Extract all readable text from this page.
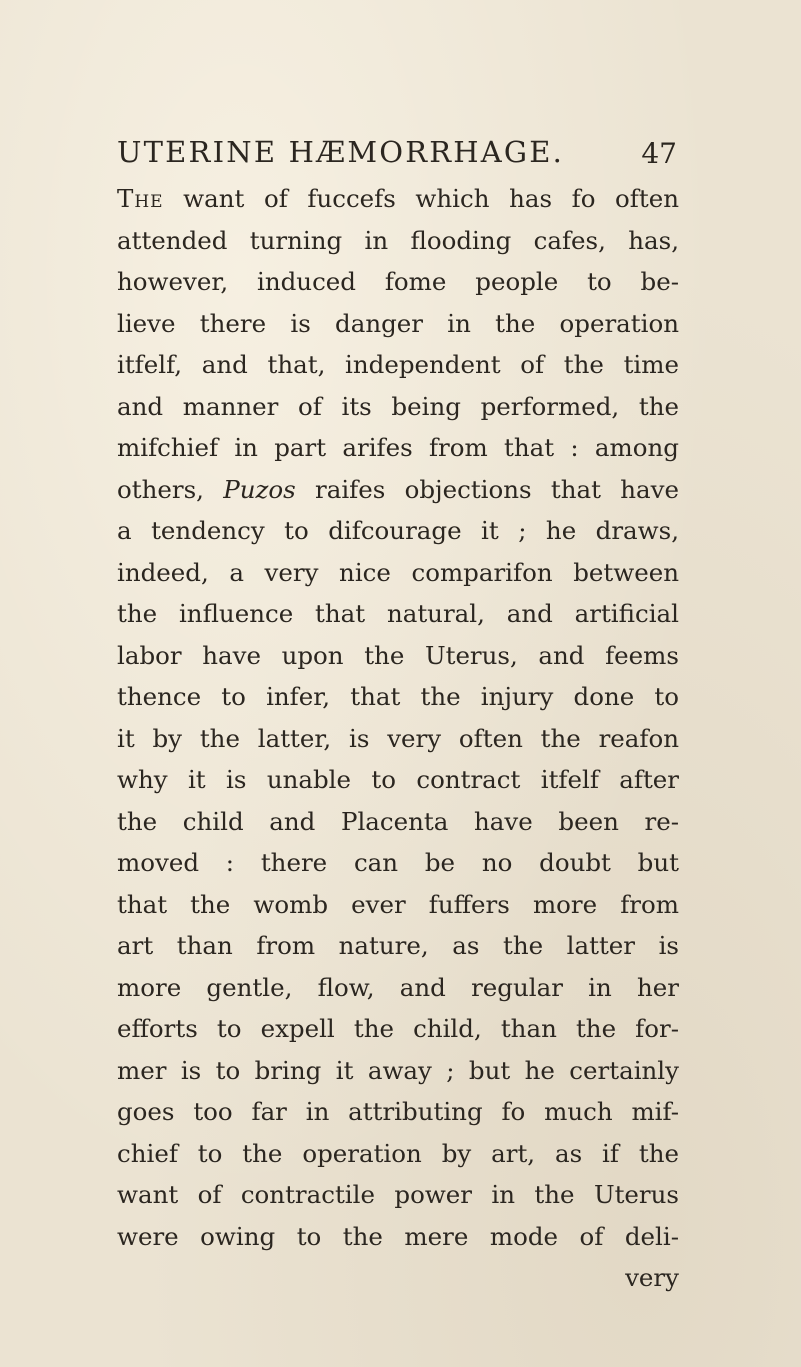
UTERINE HÆMORRHAGE.	47
The want of fuccefs which has fo often
attended turning in flooding cafes, has,
however, induced fome people to be-
lieve there is danger in the operation
itfelf, and that, independent of the time
and manner of its being performed, the
mifchief in part arifes from that : among
others, Puzos raifes objections that have
a tendency to difcourage it ; he draws,
indeed, a very nice comparifon between
the influence that natural, and artificial
labor have upon the Uterus, and feems
thence to infer, that the injury done to
it by the latter, is very often the reafon
why it is unable to contract itfelf after
the child and Placenta have been re-
moved : there can be no doubt but
that the womb ever fuffers more from
art than from nature, as the latter is
more gentle, flow, and regular in her
efforts to expell the child, than the for-
mer is to bring it away ; but he certainly
goes too far in attributing fo much mif-
chief to the operation by art, as if the
want of contractile power in the Uterus
were owing to the mere mode of deli-
very
